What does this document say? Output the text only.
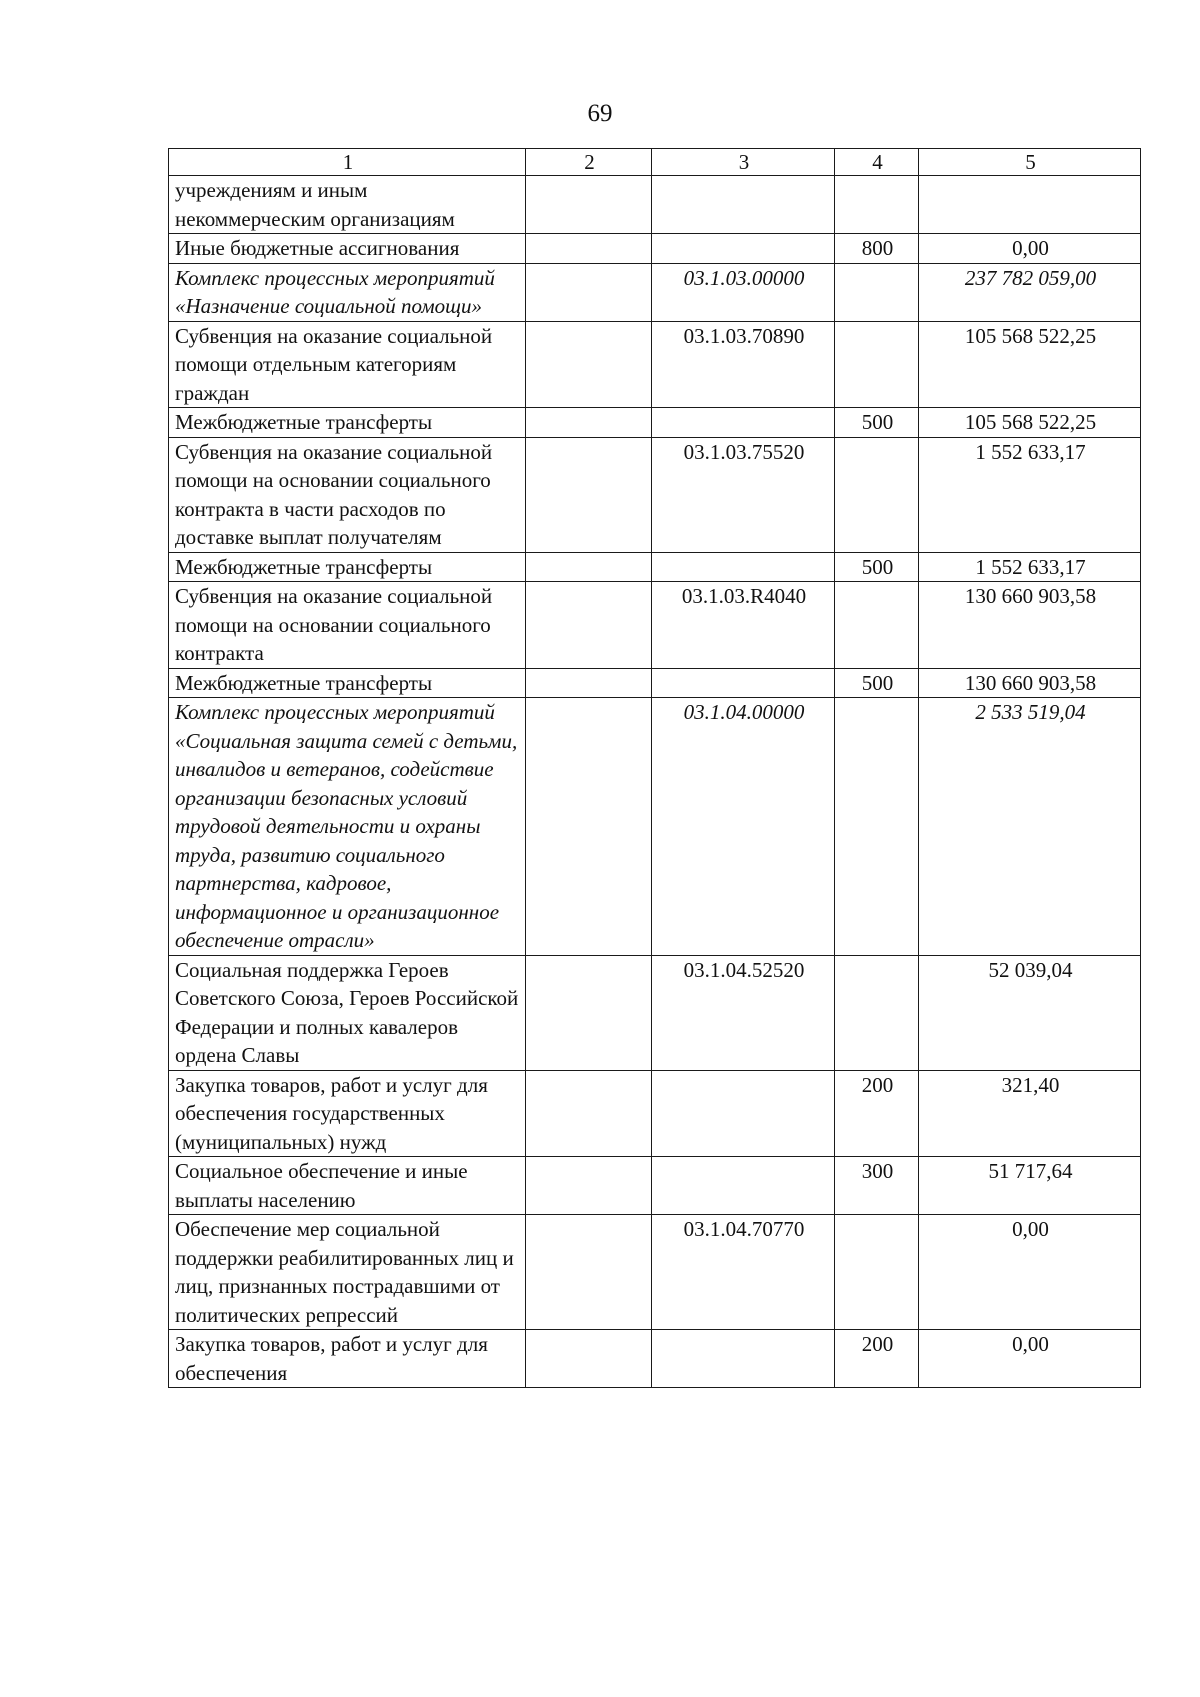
69
1	2	3	4	5
учреждениям и иным некоммерческим организациям				
Иные бюджетные ассигнования			800	0,00
Комплекс процессных мероприятий «Назначение социальной помощи»		03.1.03.00000		237 782 059,00
Субвенция на оказание социальной помощи отдельным категориям граждан		03.1.03.70890		105 568 522,25
Межбюджетные трансферты			500	105 568 522,25
Субвенция на оказание социальной помощи на основании социального контракта в части расходов по доставке выплат получателям		03.1.03.75520		1 552 633,17
Межбюджетные трансферты			500	1 552 633,17
Субвенция на оказание социальной помощи на основании социального контракта		03.1.03.R4040		130 660 903,58
Межбюджетные трансферты			500	130 660 903,58
Комплекс процессных мероприятий «Социальная защита семей с детьми, инвалидов и ветеранов, содействие организации безопасных условий трудовой деятельности и охраны труда, развитию социального партнерства, кадровое, информационное и организационное обеспечение отрасли»		03.1.04.00000		2 533 519,04
Социальная поддержка Героев Советского Союза, Героев Российской Федерации и полных кавалеров ордена Славы		03.1.04.52520		52 039,04
Закупка товаров, работ и услуг для обеспечения государственных (муниципальных) нужд			200	321,40
Социальное обеспечение и иные выплаты населению			300	51 717,64
Обеспечение мер социальной поддержки реабилитированных лиц и лиц, признанных пострадавшими от политических репрессий		03.1.04.70770		0,00
Закупка товаров, работ и услуг для обеспечения			200	0,00
